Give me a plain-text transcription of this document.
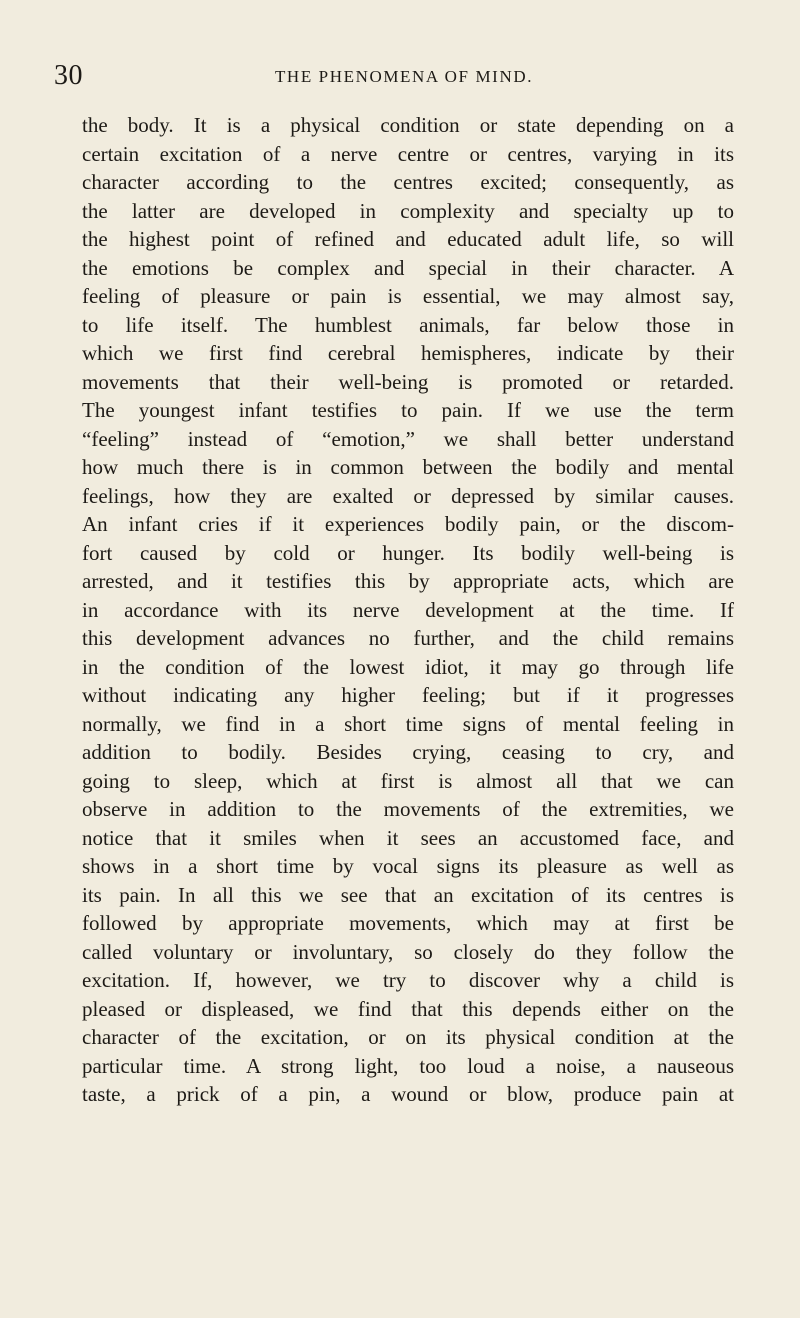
30	THE PHENOMENA OF MIND.
the body. It is a physical condition or state depending on a
certain excitation of a nerve centre or centres, varying in its
character according to the centres excited; consequently, as
the latter are developed in complexity and specialty up to
the highest point of refined and educated adult life, so will
the emotions be complex and special in their character. A
feeling of pleasure or pain is essential, we may almost say,
to life itself. The humblest animals, far below those in
which we first find cerebral hemispheres, indicate by their
movements that their well-being is promoted or retarded.
The youngest infant testifies to pain. If we use the term
“feeling” instead of “emotion,” we shall better understand
how much there is in common between the bodily and mental
feelings, how they are exalted or depressed by similar causes.
An infant cries if it experiences bodily pain, or the discom-
fort caused by cold or hunger. Its bodily well-being is
arrested, and it testifies this by appropriate acts, which are
in accordance with its nerve development at the time. If
this development advances no further, and the child remains
in the condition of the lowest idiot, it may go through life
without indicating any higher feeling; but if it progresses
normally, we find in a short time signs of mental feeling in
addition to bodily. Besides crying, ceasing to cry, and
going to sleep, which at first is almost all that we can
observe in addition to the movements of the extremities, we
notice that it smiles when it sees an accustomed face, and
shows in a short time by vocal signs its pleasure as well as
its pain. In all this we see that an excitation of its centres is
followed by appropriate movements, which may at first be
called voluntary or involuntary, so closely do they follow the
excitation. If, however, we try to discover why a child is
pleased or displeased, we find that this depends either on the
character of the excitation, or on its physical condition at the
particular time. A strong light, too loud a noise, a nauseous
taste, a prick of a pin, a wound or blow, produce pain at
